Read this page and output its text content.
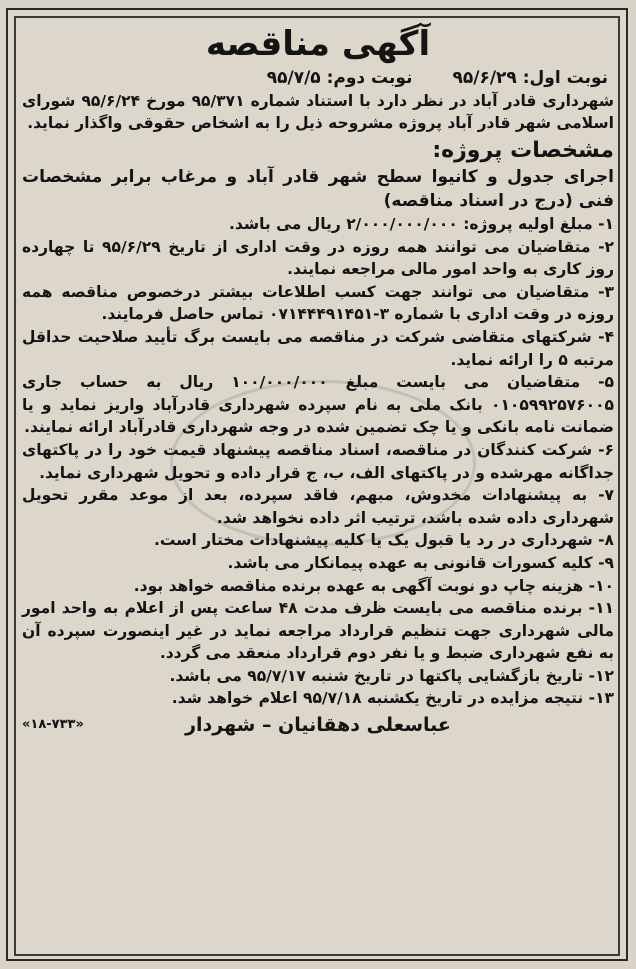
آگهی مناقصه
نوبت اول: ۹۵/۶/۲۹
نوبت دوم: ۹۵/۷/۵

شهرداری قادر آباد در نظر دارد با استناد شماره ۹۵/۳۷۱ مورخ ۹۵/۶/۲۴ شورای اسلامی شهر قادر آباد پروژه مشروحه ذیل را به اشخاص حقوقی واگذار نماید.

مشخصات پروژه:

اجرای جدول و کانیوا سطح شهر قادر آباد و مرغاب برابر مشخصات فنی (درج در اسناد مناقصه)

۱- مبلغ اولیه پروژه: ۲/۰۰۰/۰۰۰/۰۰۰ ریال می باشد.

۲- متقاضیان می توانند همه روزه در وقت اداری از تاریخ ۹۵/۶/۲۹ تا چهارده روز کاری به واحد امور مالی مراجعه نمایند.

۳- متقاضیان می توانند جهت کسب اطلاعات بیشتر درخصوص مناقصه همه روزه در وقت اداری با شماره ۳-۰۷۱۴۴۴۹۱۴۵۱ تماس حاصل فرمایند.

۴- شرکتهای متقاضی شرکت در مناقصه می بایست برگ تأیید صلاحیت حداقل مرتبه ۵ را ارائه نماید.

۵- متقاضیان می بایست مبلغ ۱۰۰/۰۰۰/۰۰۰ ریال به حساب جاری ۰۱۰۵۹۹۲۵۷۶۰۰۵ بانک ملی به نام سپرده شهرداری قادرآباد واریز نماید و یا ضمانت نامه بانکی و یا چک تضمین شده در وجه شهرداری قادرآباد ارائه نمایند.

۶- شرکت کنندگان در مناقصه، اسناد مناقصه پیشنهاد قیمت خود را در پاکتهای جداگانه مهرشده و در پاکتهای الف، ب، ج قرار داده و تحویل شهرداری نماید.

۷- به پیشنهادات مخدوش، مبهم، فاقد سپرده، بعد از موعد مقرر تحویل شهرداری داده شده باشد، ترتیب اثر داده نخواهد شد.

۸- شهرداری در رد یا قبول یک یا کلیه پیشنهادات مختار است.

۹- کلیه کسورات قانونی به عهده پیمانکار می باشد.

۱۰- هزینه چاپ دو نوبت آگهی به عهده برنده مناقصه خواهد بود.

۱۱- برنده مناقصه می بایست ظرف مدت ۴۸ ساعت پس از اعلام به واحد امور مالی شهرداری جهت تنظیم قرارداد مراجعه نماید در غیر اینصورت سپرده آن به نفع شهرداری ضبط و یا نفر دوم قرارداد منعقد می گردد.

۱۲- تاریخ بازگشایی پاکتها در تاریخ شنبه ۹۵/۷/۱۷ می باشد.

۱۳- نتیجه مزایده در تاریخ یکشنبه ۹۵/۷/۱۸ اعلام خواهد شد.

عباسعلی دهقانیان – شهردار
«۱۸-۷۳۳»
